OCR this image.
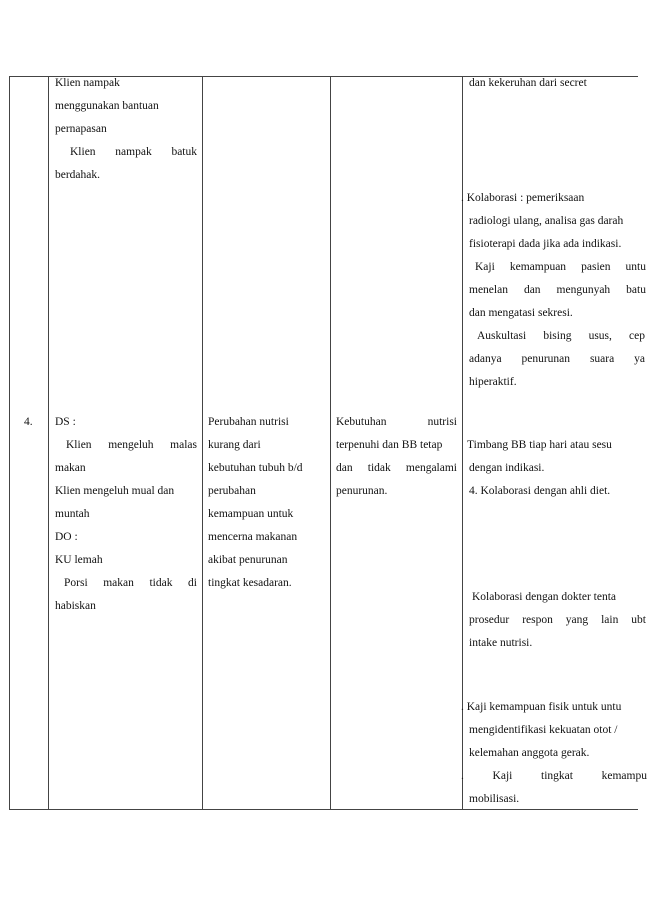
4.
Klien nampak
menggunakan bantuan
pernapasan
Klien nampak batuk
berdahak.
DS :
Klien mengeluh malas
makan
Klien mengeluh mual dan
muntah
DO :
KU lemah
Porsi makan tidak di
habiskan
Perubahan nutrisi
kurang dari
kebutuhan tubuh b/d
perubahan
kemampuan untuk
mencerna makanan
akibat penurunan
tingkat kesadaran.
Kebutuhan	nutrisi
terpenuhi dan BB tetap
dan tidak mengalami
penurunan.
dan kekeruhan dari secret
. Kolaborasi : pemeriksaan
radiologi ulang, analisa gas darah
fisioterapi dada jika ada indikasi.
Kaji kemampuan pasien untu
menelan dan mengunyah batu
dan mengatasi sekresi.
Auskultasi bising usus, cep
adanya penurunan suara ya
hiperaktif.
Timbang BB tiap hari atau sesu
dengan indikasi.
4. Kolaborasi dengan ahli diet.
Kolaborasi dengan dokter tenta
prosedur respon yang lain ubt
intake nutrisi.
. Kaji kemampuan fisik untuk untu
mengidentifikasi kekuatan otot /
kelemahan anggota gerak.
. Kaji tingkat kemampu
mobilisasi.
